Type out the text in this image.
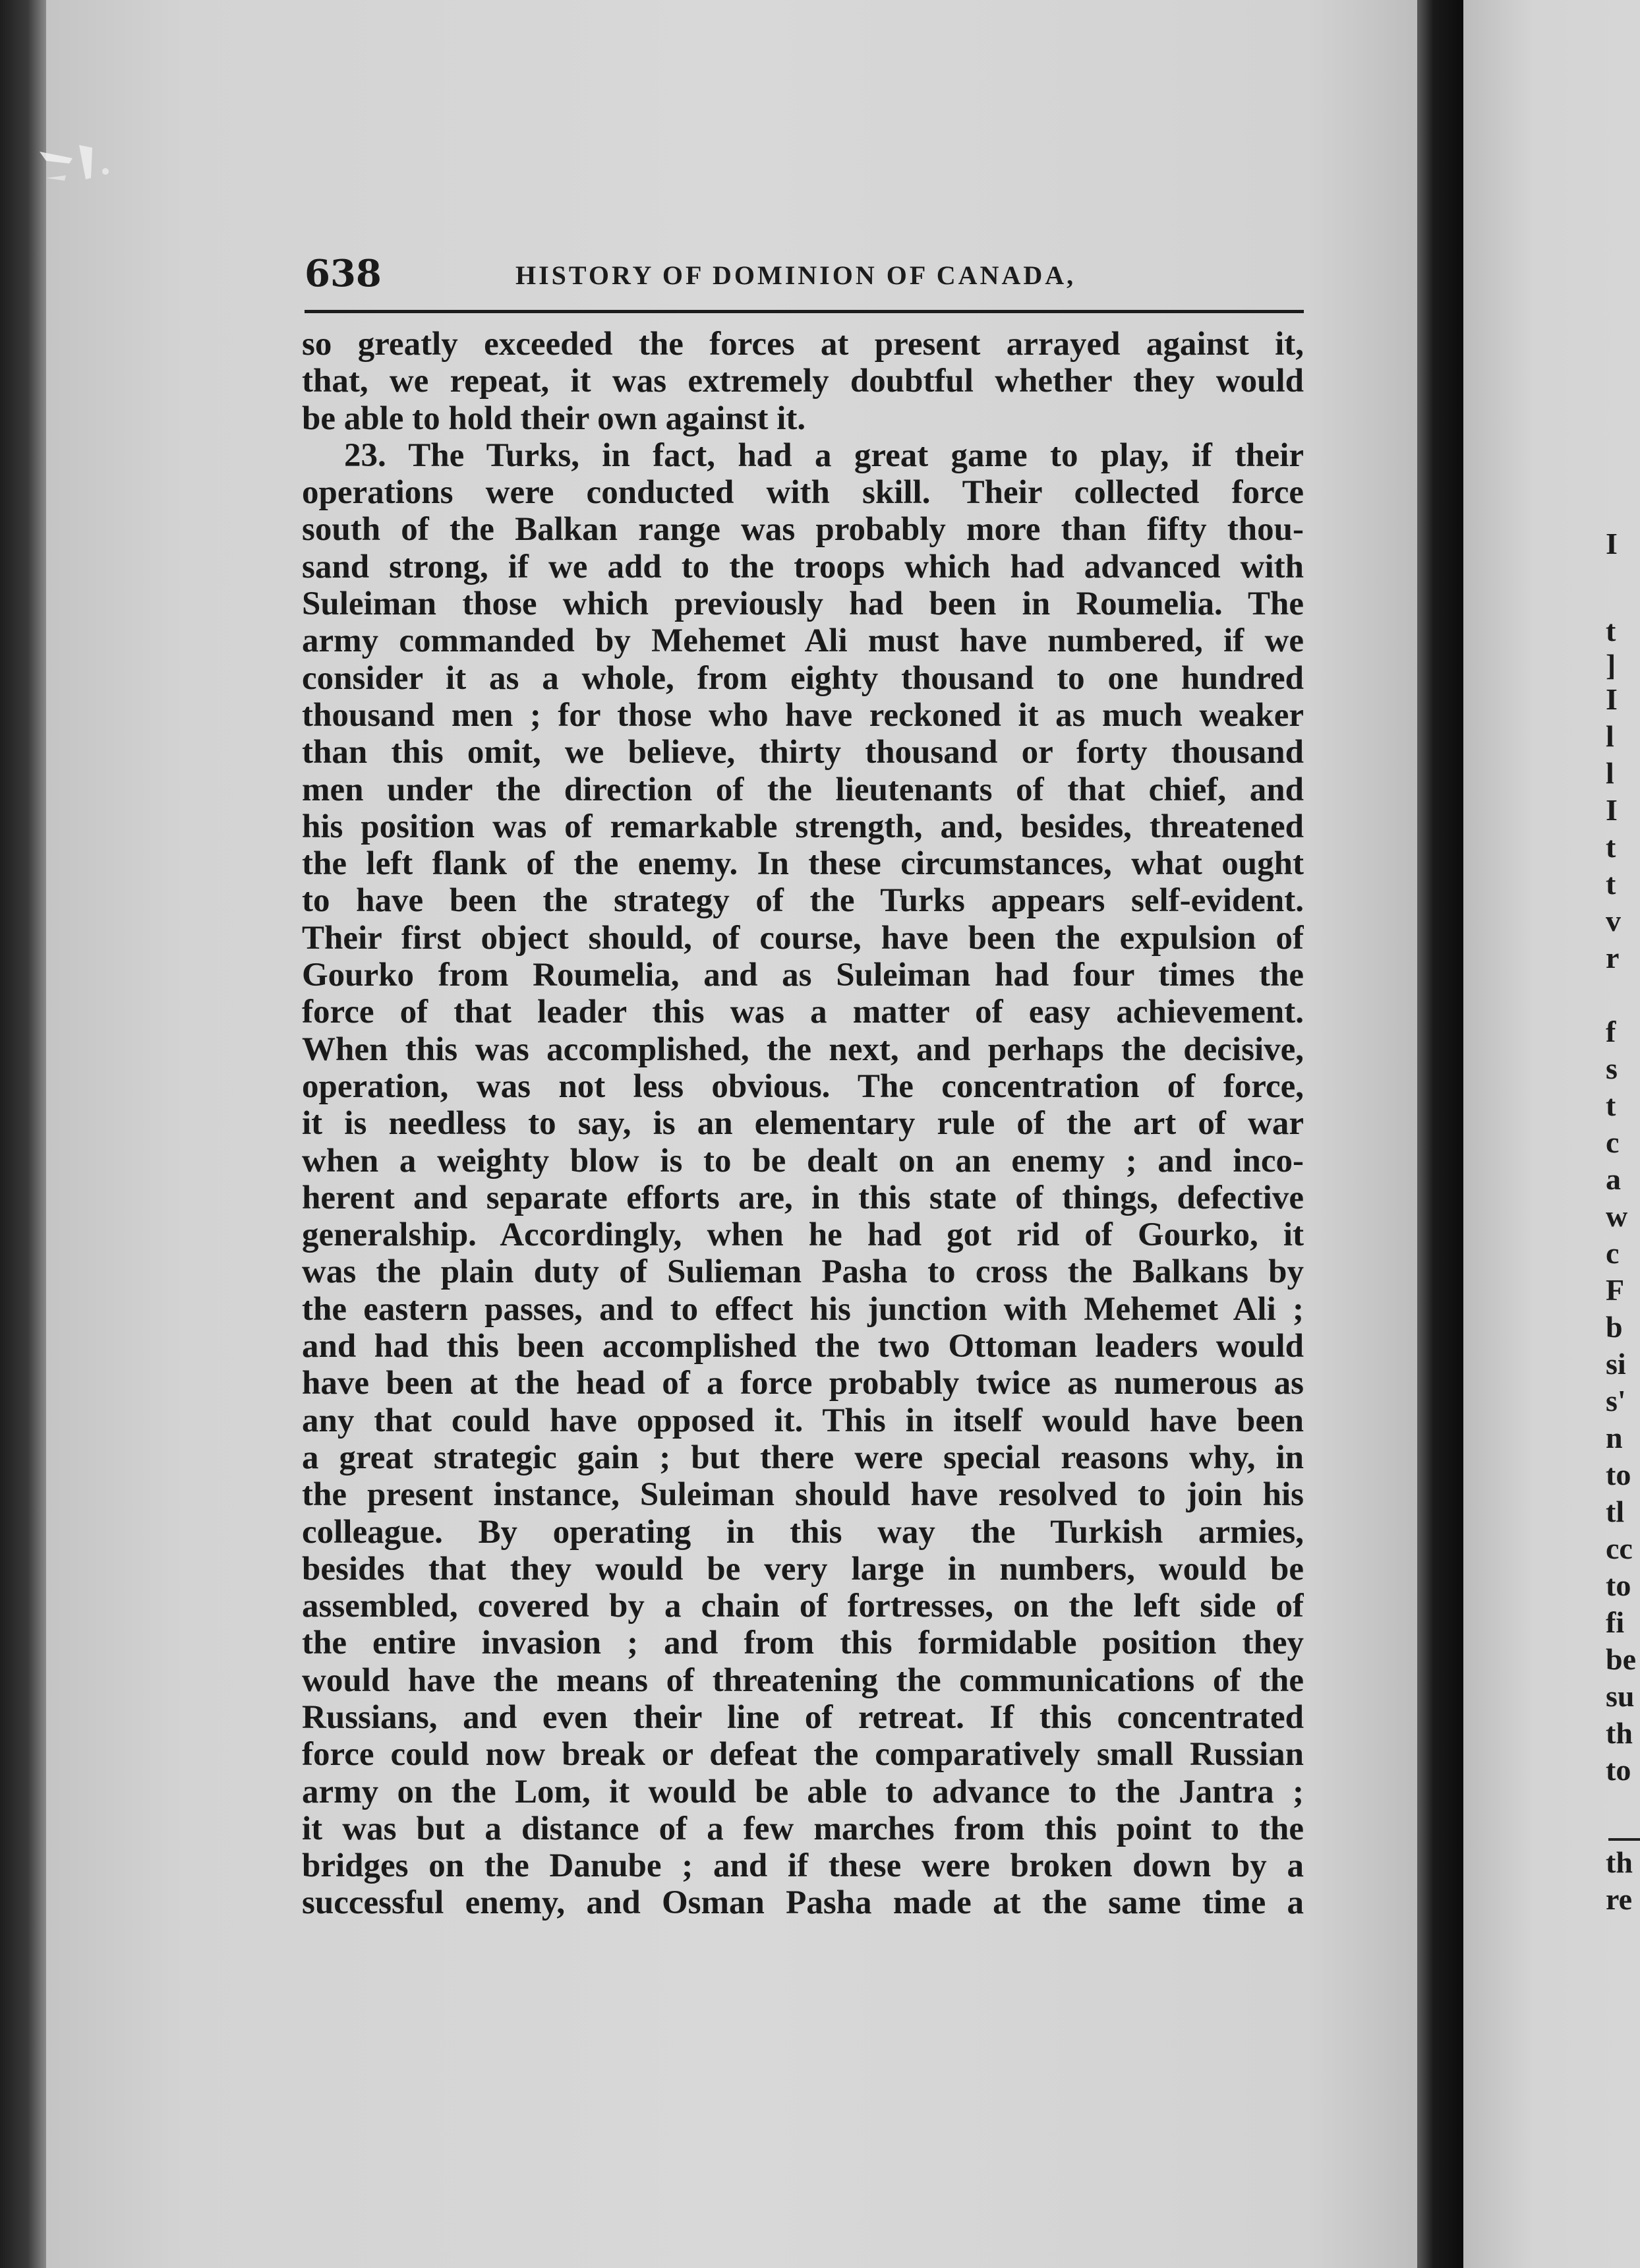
638	HISTORY OF DOMINION OF CANADA,
so greatly exceeded the forces at present arrayed against it,
that, we repeat, it was extremely doubtful whether they would
be able to hold their own against it.
23. The Turks, in fact, had a great game to play, if their
operations were conducted with skill. Their collected force
south of the Balkan range was probably more than fifty thou-
sand strong, if we add to the troops which had advanced with
Suleiman those which previously had been in Roumelia. The
army commanded by Mehemet Ali must have numbered, if we
consider it as a whole, from eighty thousand to one hundred
thousand men ; for those who have reckoned it as much weaker
than this omit, we believe, thirty thousand or forty thousand
men under the direction of the lieutenants of that chief, and
his position was of remarkable strength, and, besides, threatened
the left flank of the enemy. In these circumstances, what ought
to have been the strategy of the Turks appears self-evident.
Their first object should, of course, have been the expulsion of
Gourko from Roumelia, and as Suleiman had four times the
force of that leader this was a matter of easy achievement.
When this was accomplished, the next, and perhaps the decisive,
operation, was not less obvious. The concentration of force,
it is needless to say, is an elementary rule of the art of war
when a weighty blow is to be dealt on an enemy ; and inco-
herent and separate efforts are, in this state of things, defective
generalship. Accordingly, when he had got rid of Gourko, it
was the plain duty of Sulieman Pasha to cross the Balkans by
the eastern passes, and to effect his junction with Mehemet Ali ;
and had this been accomplished the two Ottoman leaders would
have been at the head of a force probably twice as numerous as
any that could have opposed it. This in itself would have been
a great strategic gain ; but there were special reasons why, in
the present instance, Suleiman should have resolved to join his
colleague. By operating in this way the Turkish armies,
besides that they would be very large in numbers, would be
assembled, covered by a chain of fortresses, on the left side of
the entire invasion ; and from this formidable position they
would have the means of threatening the communications of the
Russians, and even their line of retreat. If this concentrated
force could now break or defeat the comparatively small Russian
army on the Lom, it would be able to advance to the Jantra ;
it was but a distance of a few marches from this point to the
bridges on the Danube ; and if these were broken down by a
successful enemy, and Osman Pasha made at the same time a
I
t
]
I
l
l
I
t
t
v
r
f
s
t
c
a
w
c
F
b
si
s'
n
to
tl
cc
to
fi
be
su
th
to
th
re
